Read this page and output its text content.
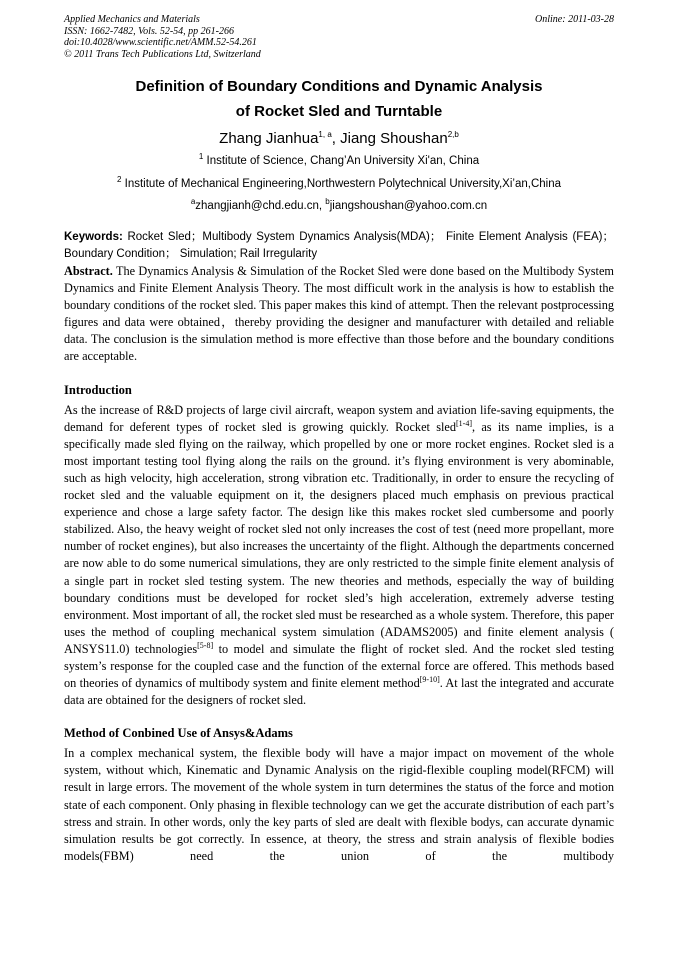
Applied Mechanics and Materials
ISSN: 1662-7482, Vols. 52-54, pp 261-266
doi:10.4028/www.scientific.net/AMM.52-54.261
© 2011 Trans Tech Publications Ltd, Switzerland
Online: 2011-03-28
Definition of Boundary Conditions and Dynamic Analysis
of Rocket Sled and Turntable
Zhang Jianhua$^{1, a}$, Jiang Shoushan$^{2,b}$
$^1$ Institute of Science, Chang’An University Xi'an, China
$^2$ Institute of Mechanical Engineering,Northwestern Polytechnical University,Xi’an,China
$^a$zhangjianh@chd.edu.cn, $^b$jiangshoushan@yahoo.com.cn
Keywords: Rocket Sled；Multibody System Dynamics Analysis(MDA)； Finite Element Analysis (FEA)；Boundary Condition； Simulation; Rail Irregularity

Abstract. The Dynamics Analysis & Simulation of the Rocket Sled were done based on the Multibody System Dynamics and Finite Element Analysis Theory. The most difficult work in the analysis is how to establish the boundary conditions of the rocket sled. This paper makes this kind of attempt. Then the relevant postprocessing figures and data were obtained，thereby providing the designer and manufacturer with detailed and reliable data. The conclusion is the simulation method is more effective than those before and the boundary conditions are acceptable.

Introduction

As the increase of R&D projects of large civil aircraft, weapon system and aviation life-saving equipments, the demand for deferent types of rocket sled is growing quickly. Rocket sled[1-4], as its name implies, is a specifically made sled flying on the railway, which propelled by one or more rocket engines. Rocket sled is a most important testing tool flying along the rails on the ground. it’s flying environment is very abominable, such as high velocity, high acceleration, strong vibration etc. Traditionally, in order to ensure the recycling of rocket sled and the valuable equipment on it, the designers placed much emphasis on previous practical experience and chose a large safety factor. The design like this makes rocket sled cumbersome and poorly stabilized. Also, the heavy weight of rocket sled not only increases the cost of test (need more propellant, more number of rocket engines), but also increases the uncertainty of the flight. Although the departments concerned are now able to do some numerical simulations, they are only restricted to the simple finite element analysis of a single part in rocket sled testing system. The new theories and methods, especially the way of building boundary conditions must be developed for rocket sled’s high acceleration, extremely adverse testing environment. Most important of all, the rocket sled must be researched as a whole system. Therefore, this paper uses the method of coupling mechanical system simulation (ADAMS2005) and finite element analysis ( ANSYS11.0) technologies[5-8] to model and simulate the flight of rocket sled. And the rocket sled testing system’s response for the coupled case and the function of the external force are offered. This methods based on theories of dynamics of multibody system and finite element method[9-10]. At last the integrated and accurate data are obtained for the designers of rocket sled.

Method of Conbined Use of Ansys&Adams

In a complex mechanical system, the flexible body will have a major impact on movement of the whole system, without which, Kinematic and Dynamic Analysis on the rigid-flexible coupling model(RFCM) will result in large errors. The movement of the whole system in turn determines the status of the force and motion state of each component. Only phasing in flexible technology can we get the accurate distribution of each part’s stress and strain. In other words, only the key parts of sled are dealt with flexible bodys, can accurate dynamic simulation results be got correctly. In essence, at theory, the stress and strain analysis of flexible bodies models(FBM) need the union of the multibody
